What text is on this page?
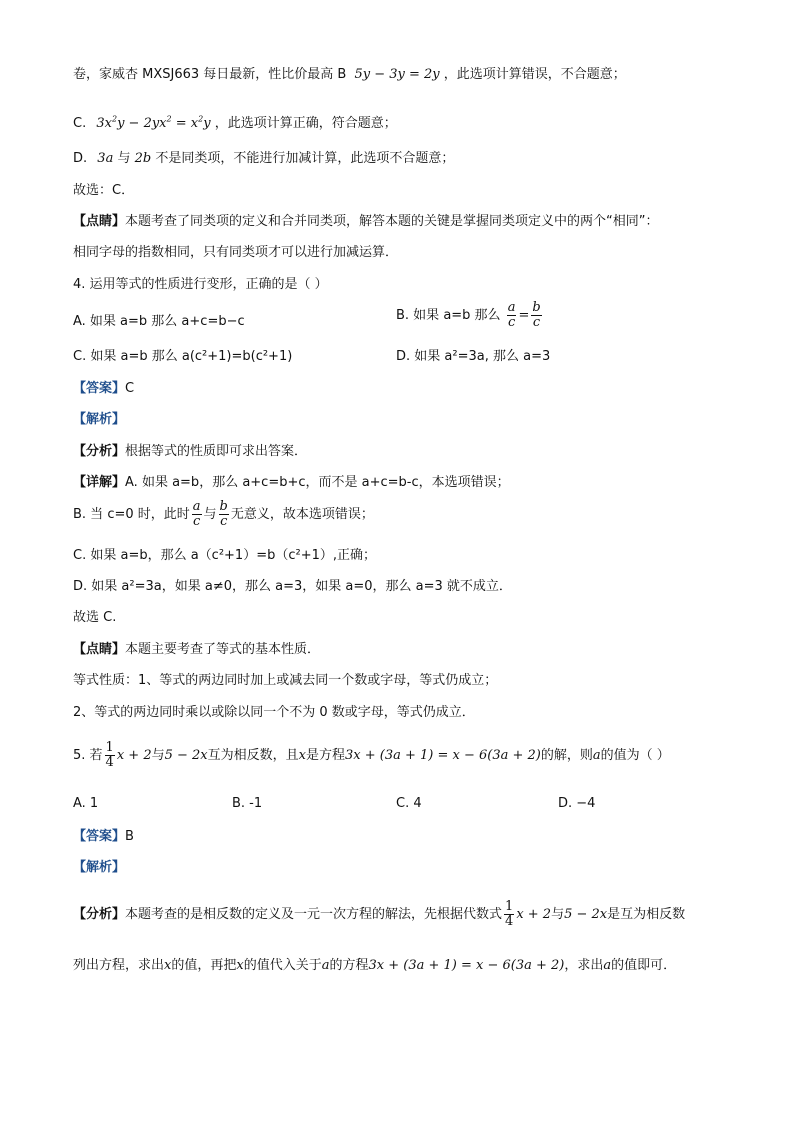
卷，家威杏 MXSJ663 每日最新，性比价最高 B 5y − 3y = 2y ，此选项计算错误，不合题意；
C. $3x^2y - 2yx^2 = x^2y$ ，此选项计算正确，符合题意；
D. 3a 与 2b 不是同类项，不能进行加减计算，此选项不合题意；
故选：C．
【点睛】本题考查了同类项的定义和合并同类项，解答本题的关键是掌握同类项定义中的两个“相同”：
相同字母的指数相同，只有同类项才可以进行加减运算．
4. 运用等式的性质进行变形，正确的是（ ）
A. 如果 a=b 那么 a+c=b−c	B. 如果 a=b 那么 $\frac{a}{c} = \frac{b}{c}$
C. 如果 a=b 那么 a(c²+1)=b(c²+1)	D. 如果 a²=3a, 那么 a=3
【答案】C
【解析】
【分析】根据等式的性质即可求出答案．
【详解】A. 如果 a=b，那么 a+c=b+c，而不是 a+c=b-c，本选项错误；
B. 当 c=0 时，此时 $\frac{a}{c}$ 与 $\frac{b}{c}$ 无意义，故本选项错误；
C. 如果 a=b，那么 a（c²+1）=b（c²+1）,正确；
D. 如果 a²=3a，如果 a≠0，那么 a=3，如果 a=0，那么 a=3 就不成立．
故选 C.
【点睛】本题主要考查了等式的基本性质．
等式性质：1、等式的两边同时加上或减去同一个数或字母，等式仍成立；
2、等式的两边同时乘以或除以同一个不为 0 数或字母，等式仍成立．
5. 若 $\frac{1}{4}$ x + 2与5 − 2x互为相反数，且x是方程3x + (3a + 1) = x − 6(3a + 2)的解，则a的值为（ ）
A. 1	B. -1	C. 4	D. −4
【答案】B
【解析】
【分析】本题考查的是相反数的定义及一元一次方程的解法，先根据代数式 $\frac{1}{4}$ x + 2与5 − 2x是互为相反数
列出方程，求出x的值，再把x的值代入关于a的方程3x + (3a + 1) = x − 6(3a + 2)，求出a的值即可．
